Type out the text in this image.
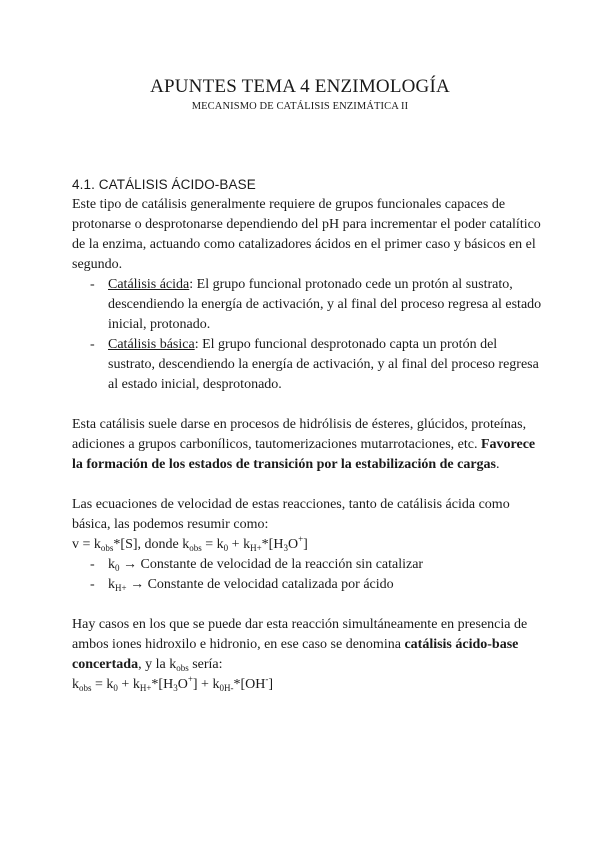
APUNTES TEMA 4 ENZIMOLOGÍA
MECANISMO DE CATÁLISIS ENZIMÁTICA II

4.1. CATÁLISIS ÁCIDO-BASE

Este tipo de catálisis generalmente requiere de grupos funcionales capaces de protonarse o desprotonarse dependiendo del pH para incrementar el poder catalítico de la enzima, actuando como catalizadores ácidos en el primer caso y básicos en el segundo.

- Catálisis ácida: El grupo funcional protonado cede un protón al sustrato, descendiendo la energía de activación, y al final del proceso regresa al estado inicial, protonado.
- Catálisis básica: El grupo funcional desprotonado capta un protón del sustrato, descendiendo la energía de activación, y al final del proceso regresa al estado inicial, desprotonado.

Esta catálisis suele darse en procesos de hidrólisis de ésteres, glúcidos, proteínas, adiciones a grupos carbonílicos, tautomerizaciones mutarrotaciones, etc. Favorece la formación de los estados de transición por la estabilización de cargas.

Las ecuaciones de velocidad de estas reacciones, tanto de catálisis ácida como básica, las podemos resumir como:

$v = k_{obs}*[S]$, donde $k_{obs} = k_0 + k_{H+}*[H_3O^+]$

- $k_0$ → Constante de velocidad de la reacción sin catalizar
- $k_{H+}$ → Constante de velocidad catalizada por ácido

Hay casos en los que se puede dar esta reacción simultáneamente en presencia de ambos iones hidroxilo e hidronio, en ese caso se denomina catálisis ácido-base concertada, y la $k_{obs}$ sería:

$k_{obs} = k_0 + k_{H+}*[H_3O^+] + k_{0H-}*[OH^-]$
